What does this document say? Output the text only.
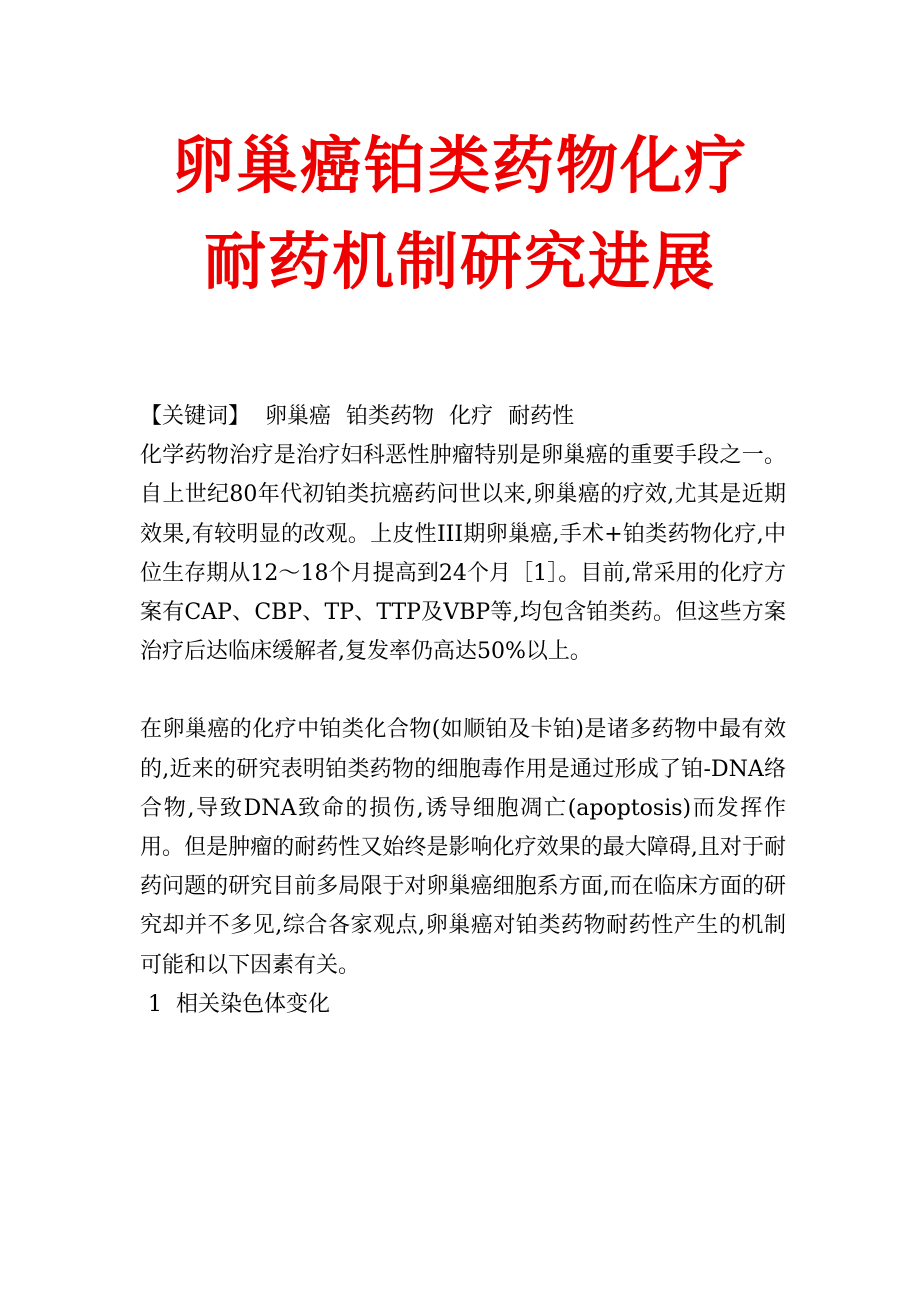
卵巢癌铂类药物化疗
耐药机制研究进展
【关键词】 卵巢癌 铂类药物 化疗 耐药性

化学药物治疗是治疗妇科恶性肿瘤特别是卵巢癌的重要手段之一。自上世纪80年代初铂类抗癌药问世以来,卵巢癌的疗效,尤其是近期效果,有较明显的改观。上皮性III期卵巢癌,手术+铂类药物化疗,中位生存期从12～18个月提高到24个月［1］。目前,常采用的化疗方案有CAP、CBP、TP、TTP及VBP等,均包含铂类药。但这些方案治疗后达临床缓解者,复发率仍高达50%以上。

在卵巢癌的化疗中铂类化合物(如顺铂及卡铂)是诸多药物中最有效的,近来的研究表明铂类药物的细胞毒作用是通过形成了铂-DNA络合物,导致DNA致命的损伤,诱导细胞凋亡(apoptosis)而发挥作用。但是肿瘤的耐药性又始终是影响化疗效果的最大障碍,且对于耐药问题的研究目前多局限于对卵巢癌细胞系方面,而在临床方面的研究却并不多见,综合各家观点,卵巢癌对铂类药物耐药性产生的机制可能和以下因素有关。

1 相关染色体变化
